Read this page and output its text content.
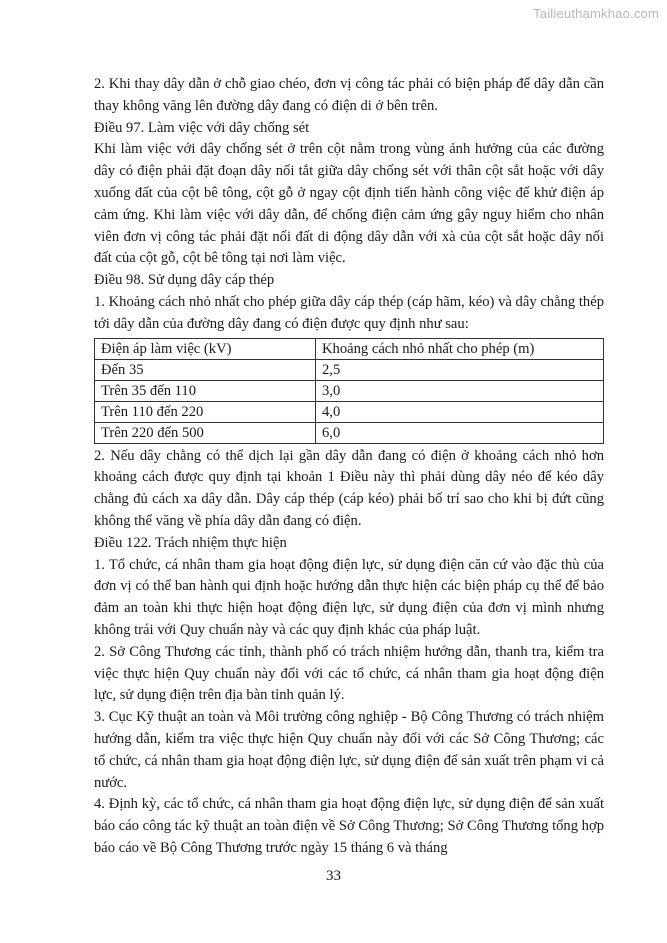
Tailieuthamkhao.com

2. Khi thay dây dẫn ở chỗ giao chéo, đơn vị công tác phải có biện pháp để dây dẫn cần thay không văng lên đường dây đang có điện di ở bên trên.

Điều 97. Làm việc với dây chống sét

Khi làm việc với dây chống sét ở trên cột nằm trong vùng ảnh hưởng của các đường dây có điện phải đặt đoạn dây nối tắt giữa dây chống sét với thân cột sắt hoặc với dây xuống đất của cột bê tông, cột gỗ ở ngay cột định tiến hành công việc để khử điện áp cảm ứng. Khi làm việc với dây dẫn, để chống điện cảm ứng gây nguy hiểm cho nhân viên đơn vị công tác phải đặt nối đất di động dây dẫn với xà của cột sắt hoặc dây nối đất của cột gỗ, cột bê tông tại nơi làm việc.

Điều 98. Sử dụng dây cáp thép

1. Khoảng cách nhỏ nhất cho phép giữa dây cáp thép (cáp hãm, kéo) và dây chằng thép tới dây dẫn của đường dây đang có điện được quy định như sau:

Điện áp làm việc (kV)	Khoảng cách nhỏ nhất cho phép (m)
Đến 35	2,5
Trên 35 đến 110	3,0
Trên 110 đến 220	4,0
Trên 220 đến 500	6,0

2. Nếu dây chằng có thể dịch lại gần dây dẫn đang có điện ở khoảng cách nhỏ hơn khoảng cách được quy định tại khoản 1 Điều này thì phải dùng dây néo để kéo dây chằng đủ cách xa dây dẫn. Dây cáp thép (cáp kéo) phải bố trí sao cho khi bị đứt cũng không thể văng về phía dây dẫn đang có điện.

Điều 122. Trách nhiệm thực hiện

1. Tổ chức, cá nhân tham gia hoạt động điện lực, sử dụng điện căn cứ vào đặc thù của đơn vị có thể ban hành qui định hoặc hướng dẫn thực hiện các biện pháp cụ thể để bảo đảm an toàn khi thực hiện hoạt động điện lực, sử dụng điện của đơn vị mình nhưng không trái với Quy chuẩn này và các quy định khác của pháp luật.

2. Sở Công Thương các tỉnh, thành phố có trách nhiệm hướng dẫn, thanh tra, kiểm tra việc thực hiện Quy chuẩn này đối với các tổ chức, cá nhân tham gia hoạt động điện lực, sử dụng điện trên địa bàn tỉnh quản lý.

3. Cục Kỹ thuật an toàn và Môi trường công nghiệp - Bộ Công Thương có trách nhiệm hướng dẫn, kiểm tra việc thực hiện Quy chuẩn này đối với các Sở Công Thương; các tổ chức, cá nhân tham gia hoạt động điện lực, sử dụng điện để sản xuất trên phạm vi cả nước.

4. Định kỳ, các tổ chức, cá nhân tham gia hoạt động điện lực, sử dụng điện để sản xuất báo cáo công tác kỹ thuật an toàn điện về Sở Công Thương; Sở Công Thương tổng hợp báo cáo về Bộ Công Thương trước ngày 15 tháng 6 và tháng

33
